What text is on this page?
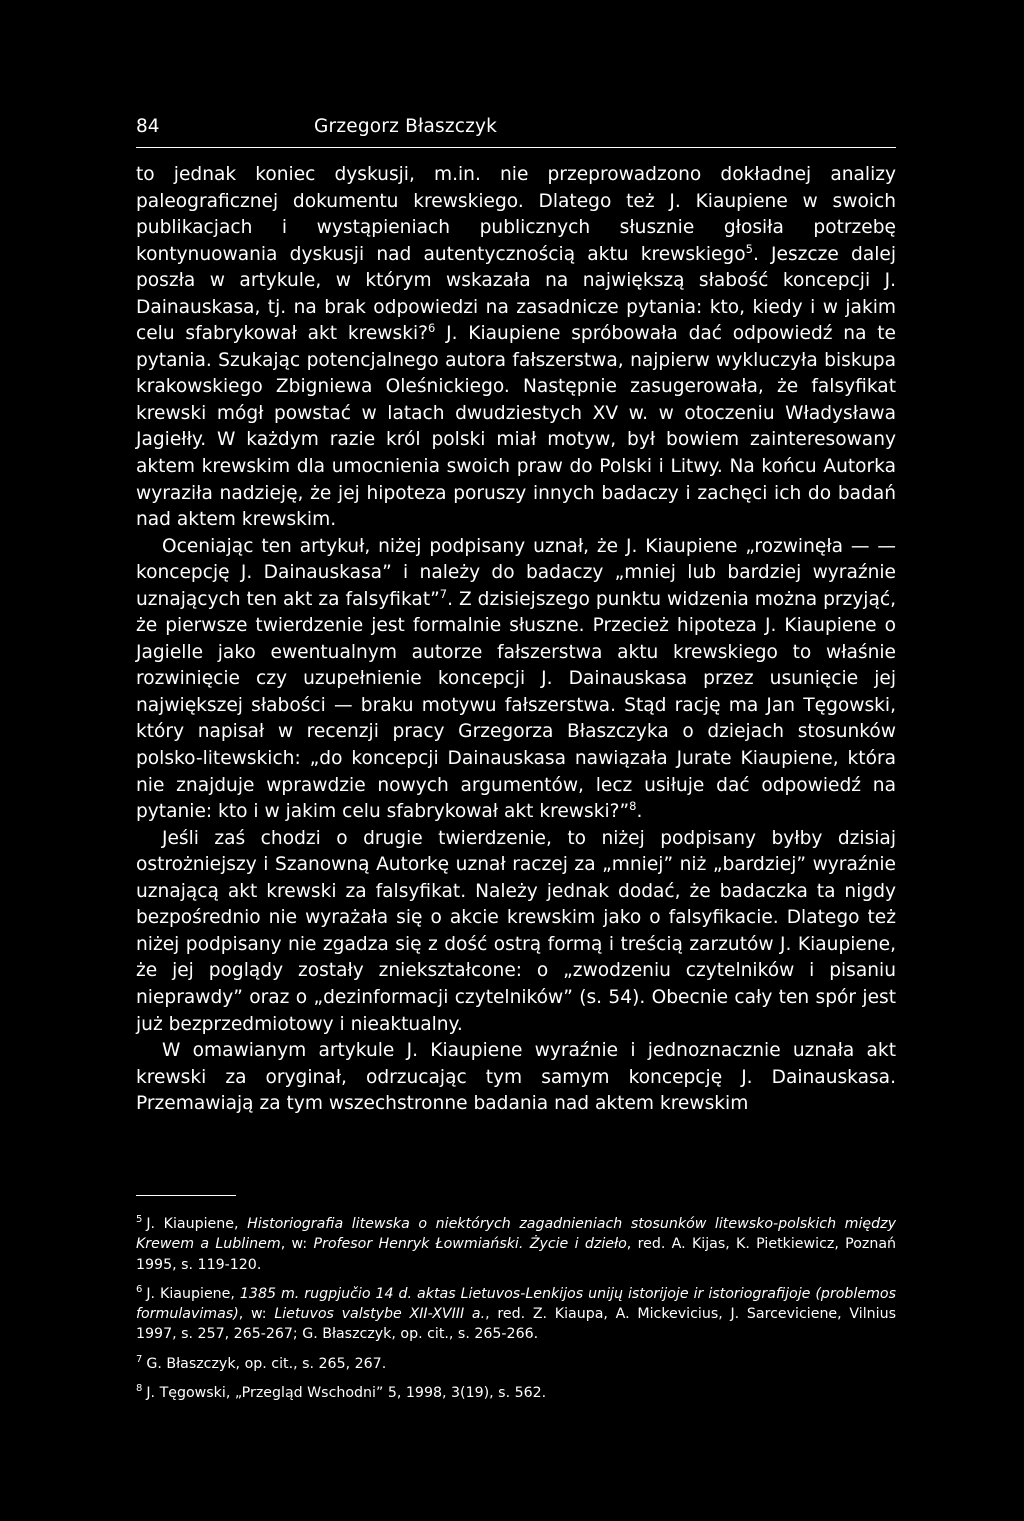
84	Grzegorz Błaszczyk

to jednak koniec dyskusji, m.in. nie przeprowadzono dokładnej analizy paleograficznej dokumentu krewskiego. Dlatego też J. Kiaupiene w swoich publikacjach i wystąpieniach publicznych słusznie głosiła potrzebę kontynuowania dyskusji nad autentycznością aktu krewskiego$^5$. Jeszcze dalej poszła w artykule, w którym wskazała na największą słabość koncepcji J. Dainauskasa, tj. na brak odpowiedzi na zasadnicze pytania: kto, kiedy i w jakim celu sfabrykował akt krewski?$^6$ J. Kiaupiene spróbowała dać odpowiedź na te pytania. Szukając potencjalnego autora fałszerstwa, najpierw wykluczyła biskupa krakowskiego Zbigniewa Oleśnickiego. Następnie zasugerowała, że falsyfikat krewski mógł powstać w latach dwudziestych XV w. w otoczeniu Władysława Jagiełły. W każdym razie król polski miał motyw, był bowiem zainteresowany aktem krewskim dla umocnienia swoich praw do Polski i Litwy. Na końcu Autorka wyraziła nadzieję, że jej hipoteza poruszy innych badaczy i zachęci ich do badań nad aktem krewskim.

Oceniając ten artykuł, niżej podpisany uznał, że J. Kiaupiene „rozwinęła — — koncepcję J. Dainauskasa” i należy do badaczy „mniej lub bardziej wyraźnie uznających ten akt za falsyfikat”$^7$. Z dzisiejszego punktu widzenia można przyjąć, że pierwsze twierdzenie jest formalnie słuszne. Przecież hipoteza J. Kiaupiene o Jagielle jako ewentualnym autorze fałszerstwa aktu krewskiego to właśnie rozwinięcie czy uzupełnienie koncepcji J. Dainauskasa przez usunięcie jej największej słabości — braku motywu fałszerstwa. Stąd rację ma Jan Tęgowski, który napisał w recenzji pracy Grzegorza Błaszczyka o dziejach stosunków polsko-litewskich: „do koncepcji Dainauskasa nawiązała Jurate Kiaupiene, która nie znajduje wprawdzie nowych argumentów, lecz usiłuje dać odpowiedź na pytanie: kto i w jakim celu sfabrykował akt krewski?”$^8$.

Jeśli zaś chodzi o drugie twierdzenie, to niżej podpisany byłby dzisiaj ostrożniejszy i Szanowną Autorkę uznał raczej za „mniej” niż „bardziej” wyraźnie uznającą akt krewski za falsyfikat. Należy jednak dodać, że badaczka ta nigdy bezpośrednio nie wyrażała się o akcie krewskim jako o falsyfikacie. Dlatego też niżej podpisany nie zgadza się z dość ostrą formą i treścią zarzutów J. Kiaupiene, że jej poglądy zostały zniekształcone: o „zwodzeniu czytelników i pisaniu nieprawdy” oraz o „dezinformacji czytelników” (s. 54). Obecnie cały ten spór jest już bezprzedmiotowy i nieaktualny.

W omawianym artykule J. Kiaupiene wyraźnie i jednoznacznie uznała akt krewski za oryginał, odrzucając tym samym koncepcję J. Dainauskasa. Przemawiają za tym wszechstronne badania nad aktem krewskim

$^5$ J. Kiaupiene, Historiografia litewska o niektórych zagadnieniach stosunków litewsko-polskich między Krewem a Lublinem, w: Profesor Henryk Łowmiański. Życie i dzieło, red. A. Kijas, K. Pietkiewicz, Poznań 1995, s. 119-120.

$^6$ J. Kiaupiene, 1385 m. rugpjučio 14 d. aktas Lietuvos-Lenkijos unijų istorijoje ir istoriografijoje (problemos formulavimas), w: Lietuvos valstybe XII-XVIII a., red. Z. Kiaupa, A. Mickevicius, J. Sarceviciene, Vilnius 1997, s. 257, 265-267; G. Błaszczyk, op. cit., s. 265-266.

$^7$ G. Błaszczyk, op. cit., s. 265, 267.

$^8$ J. Tęgowski, „Przegląd Wschodni” 5, 1998, 3(19), s. 562.
